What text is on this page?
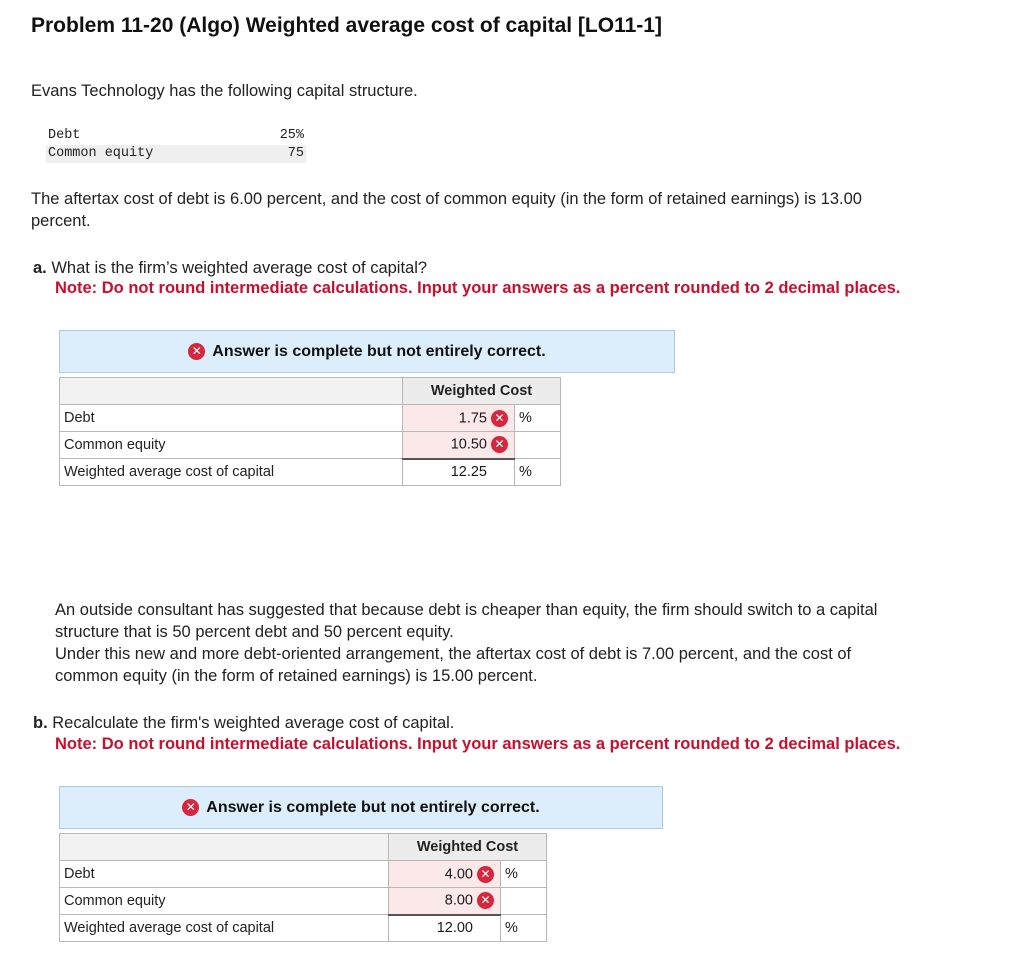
Problem 11-20 (Algo) Weighted average cost of capital [LO11-1]
Evans Technology has the following capital structure.
Debt	25%
Common equity	75
The aftertax cost of debt is 6.00 percent, and the cost of common equity (in the form of retained earnings) is 13.00
percent.
a. What is the firm’s weighted average cost of capital?
Note: Do not round intermediate calculations. Input your answers as a percent rounded to 2 decimal places.
✕ Answer is complete but not entirely correct.
	Weighted Cost	
Debt	1.75 ✕	%
Common equity	10.50 ✕	
Weighted average cost of capital	12.25	%
An outside consultant has suggested that because debt is cheaper than equity, the firm should switch to a capital
structure that is 50 percent debt and 50 percent equity.
Under this new and more debt-oriented arrangement, the aftertax cost of debt is 7.00 percent, and the cost of
common equity (in the form of retained earnings) is 15.00 percent.
b. Recalculate the firm's weighted average cost of capital.
Note: Do not round intermediate calculations. Input your answers as a percent rounded to 2 decimal places.
✕ Answer is complete but not entirely correct.
	Weighted Cost	
Debt	4.00 ✕	%
Common equity	8.00 ✕	
Weighted average cost of capital	12.00	%
